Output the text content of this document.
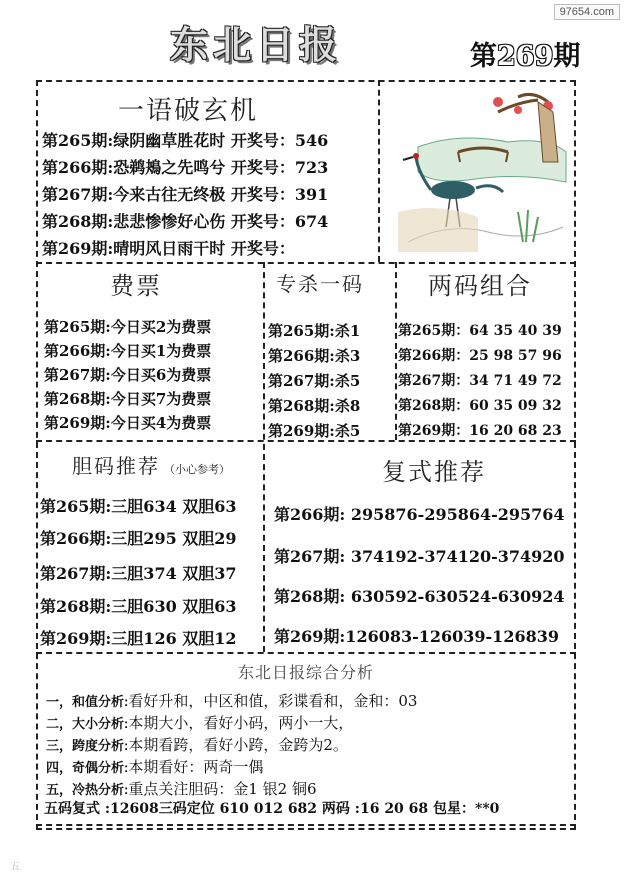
97654.com
东北日报	第269期
一语破玄机
第265期:绿阴幽草胜花时 开奖号：546
第266期:恐鹈鴂之先鸣兮 开奖号：723
第267期:今来古往无终极 开奖号：391
第268期:悲悲惨惨好心伤 开奖号：674
第269期:晴明风日雨干时 开奖号：
费票
第265期:今日买2为费票
第266期:今日买1为费票
第267期:今日买6为费票
第268期:今日买7为费票
第269期:今日买4为费票
专杀一码
第265期:杀1
第266期:杀3
第267期:杀5
第268期:杀8
第269期:杀5
两码组合
第265期：64 35 40 39
第266期：25 98 57 96
第267期：34 71 49 72
第268期：60 35 09 32
第269期：16 20 68 23
胆码推荐 （小心参考）
第265期:三胆634 双胆63
第266期:三胆295 双胆29
第267期:三胆374 双胆37
第268期:三胆630 双胆63
第269期:三胆126 双胆12
复式推荐
第266期: 295876-295864-295764
第267期: 374192-374120-374920
第268期: 630592-630524-630924
第269期:126083-126039-126839
东北日报综合分析
一，和值分析:看好升和，中区和值，彩谍看和，金和：03
二，大小分析:本期大小，看好小码，两小一大，
三，跨度分析:本期看跨，看好小跨，金跨为2。
四，奇偶分析:本期看好：两奇一偶
五，冷热分析:重点关注胆码：金1 银2 铜6
五码复式 :12608三码定位 610 012 682 两码 :16 20 68 包星：**0
五
